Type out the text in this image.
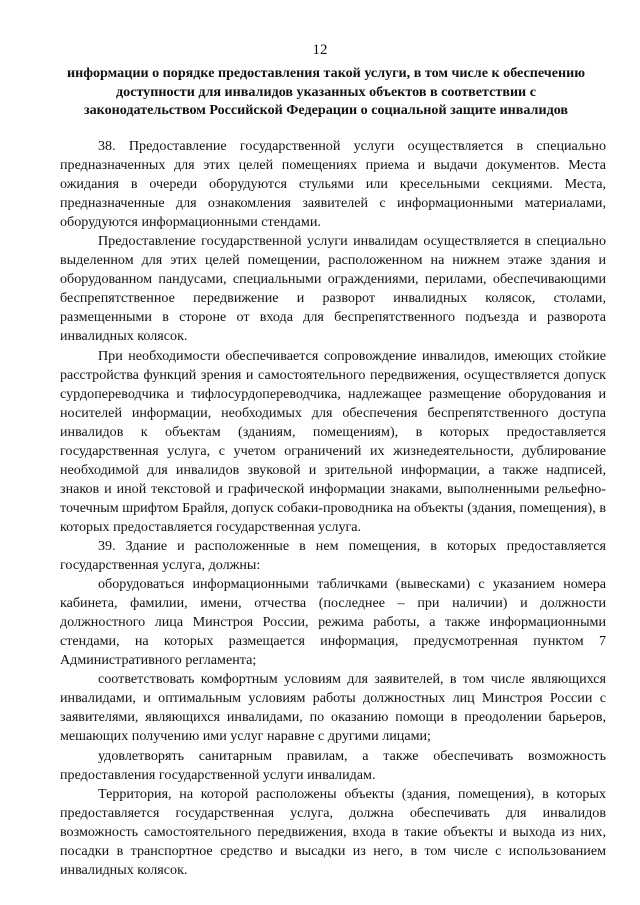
12
информации о порядке предоставления такой услуги, в том числе к обеспечению доступности для инвалидов указанных объектов в соответствии с законодательством Российской Федерации о социальной защите инвалидов

38. Предоставление государственной услуги осуществляется в специально предназначенных для этих целей помещениях приема и выдачи документов. Места ожидания в очереди оборудуются стульями или кресельными секциями. Места, предназначенные для ознакомления заявителей с информационными материалами, оборудуются информационными стендами.

Предоставление государственной услуги инвалидам осуществляется в специально выделенном для этих целей помещении, расположенном на нижнем этаже здания и оборудованном пандусами, специальными ограждениями, перилами, обеспечивающими беспрепятственное передвижение и разворот инвалидных колясок, столами, размещенными в стороне от входа для беспрепятственного подъезда и разворота инвалидных колясок.

При необходимости обеспечивается сопровождение инвалидов, имеющих стойкие расстройства функций зрения и самостоятельного передвижения, осуществляется допуск сурдопереводчика и тифлосурдопереводчика, надлежащее размещение оборудования и носителей информации, необходимых для обеспечения беспрепятственного доступа инвалидов к объектам (зданиям, помещениям), в которых предоставляется государственная услуга, с учетом ограничений их жизнедеятельности, дублирование необходимой для инвалидов звуковой и зрительной информации, а также надписей, знаков и иной текстовой и графической информации знаками, выполненными рельефно-точечным шрифтом Брайля, допуск собаки-проводника на объекты (здания, помещения), в которых предоставляется государственная услуга.

39. Здание и расположенные в нем помещения, в которых предоставляется государственная услуга, должны:

оборудоваться информационными табличками (вывесками) с указанием номера кабинета, фамилии, имени, отчества (последнее – при наличии) и должности должностного лица Минстроя России, режима работы, а также информационными стендами, на которых размещается информация, предусмотренная пунктом 7 Административного регламента;

соответствовать комфортным условиям для заявителей, в том числе являющихся инвалидами, и оптимальным условиям работы должностных лиц Минстроя России с заявителями, являющихся инвалидами, по оказанию помощи в преодолении барьеров, мешающих получению ими услуг наравне с другими лицами;

удовлетворять санитарным правилам, а также обеспечивать возможность предоставления государственной услуги инвалидам.

Территория, на которой расположены объекты (здания, помещения), в которых предоставляется государственная услуга, должна обеспечивать для инвалидов возможность самостоятельного передвижения, входа в такие объекты и выхода из них, посадки в транспортное средство и высадки из него, в том числе с использованием инвалидных колясок.
